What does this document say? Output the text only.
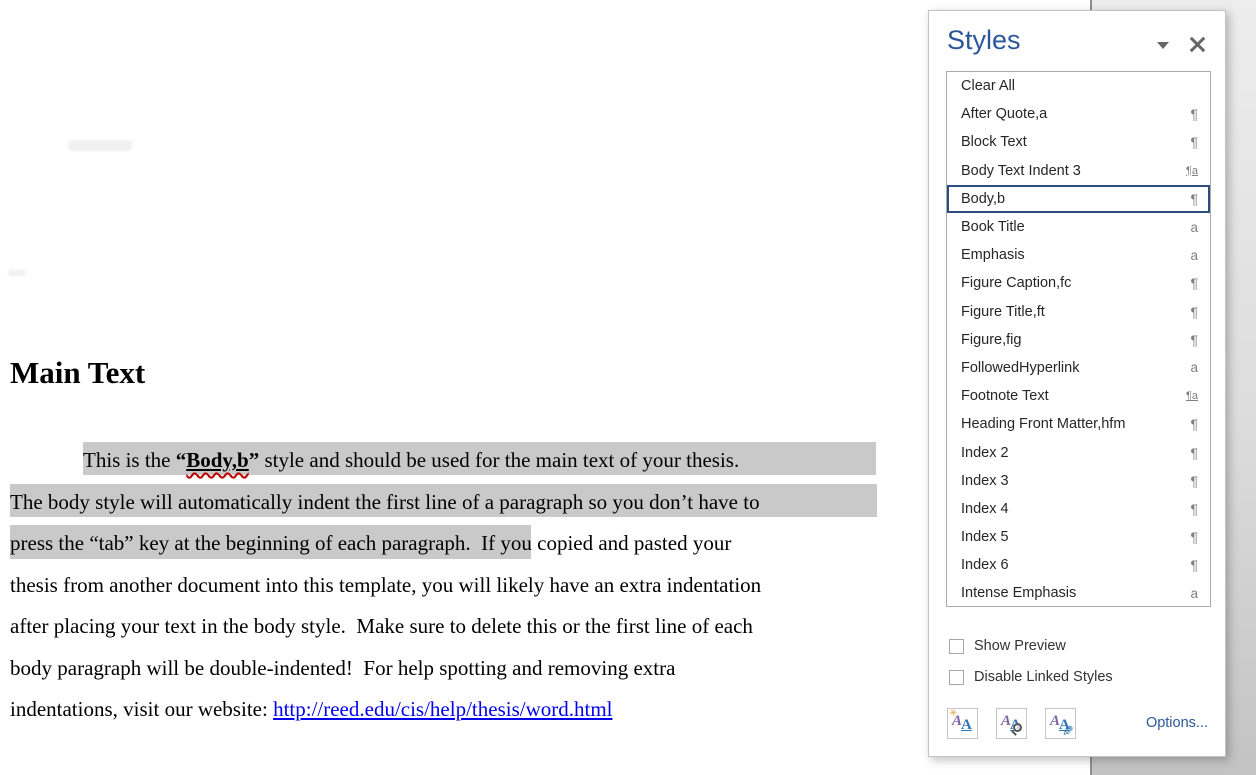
Main Text
This is the “Body,b” style and should be used for the main text of your thesis.
The body style will automatically indent the first line of a paragraph so you don’t have to
press the “tab” key at the beginning of each paragraph.  If you copied and pasted your
thesis from another document into this template, you will likely have an extra indentation
after placing your text in the body style.  Make sure to delete this or the first line of each
body paragraph will be double-indented!  For help spotting and removing extra
indentations, visit our website: http://reed.edu/cis/help/thesis/word.html
Styles
Clear All
After Quote,a	¶
Block Text	¶
Body Text Indent 3	¶a
Body,b	¶
Book Title	a
Emphasis	a
Figure Caption,fc	¶
Figure Title,ft	¶
Figure,fig	¶
FollowedHyperlink	a
Footnote Text	¶a
Heading Front Matter,hfm	¶
Index 2	¶
Index 3	¶
Index 4	¶
Index 5	¶
Index 6	¶
Intense Emphasis	a
Show Preview
Disable Linked Styles
A A
A A
A A
Options...
